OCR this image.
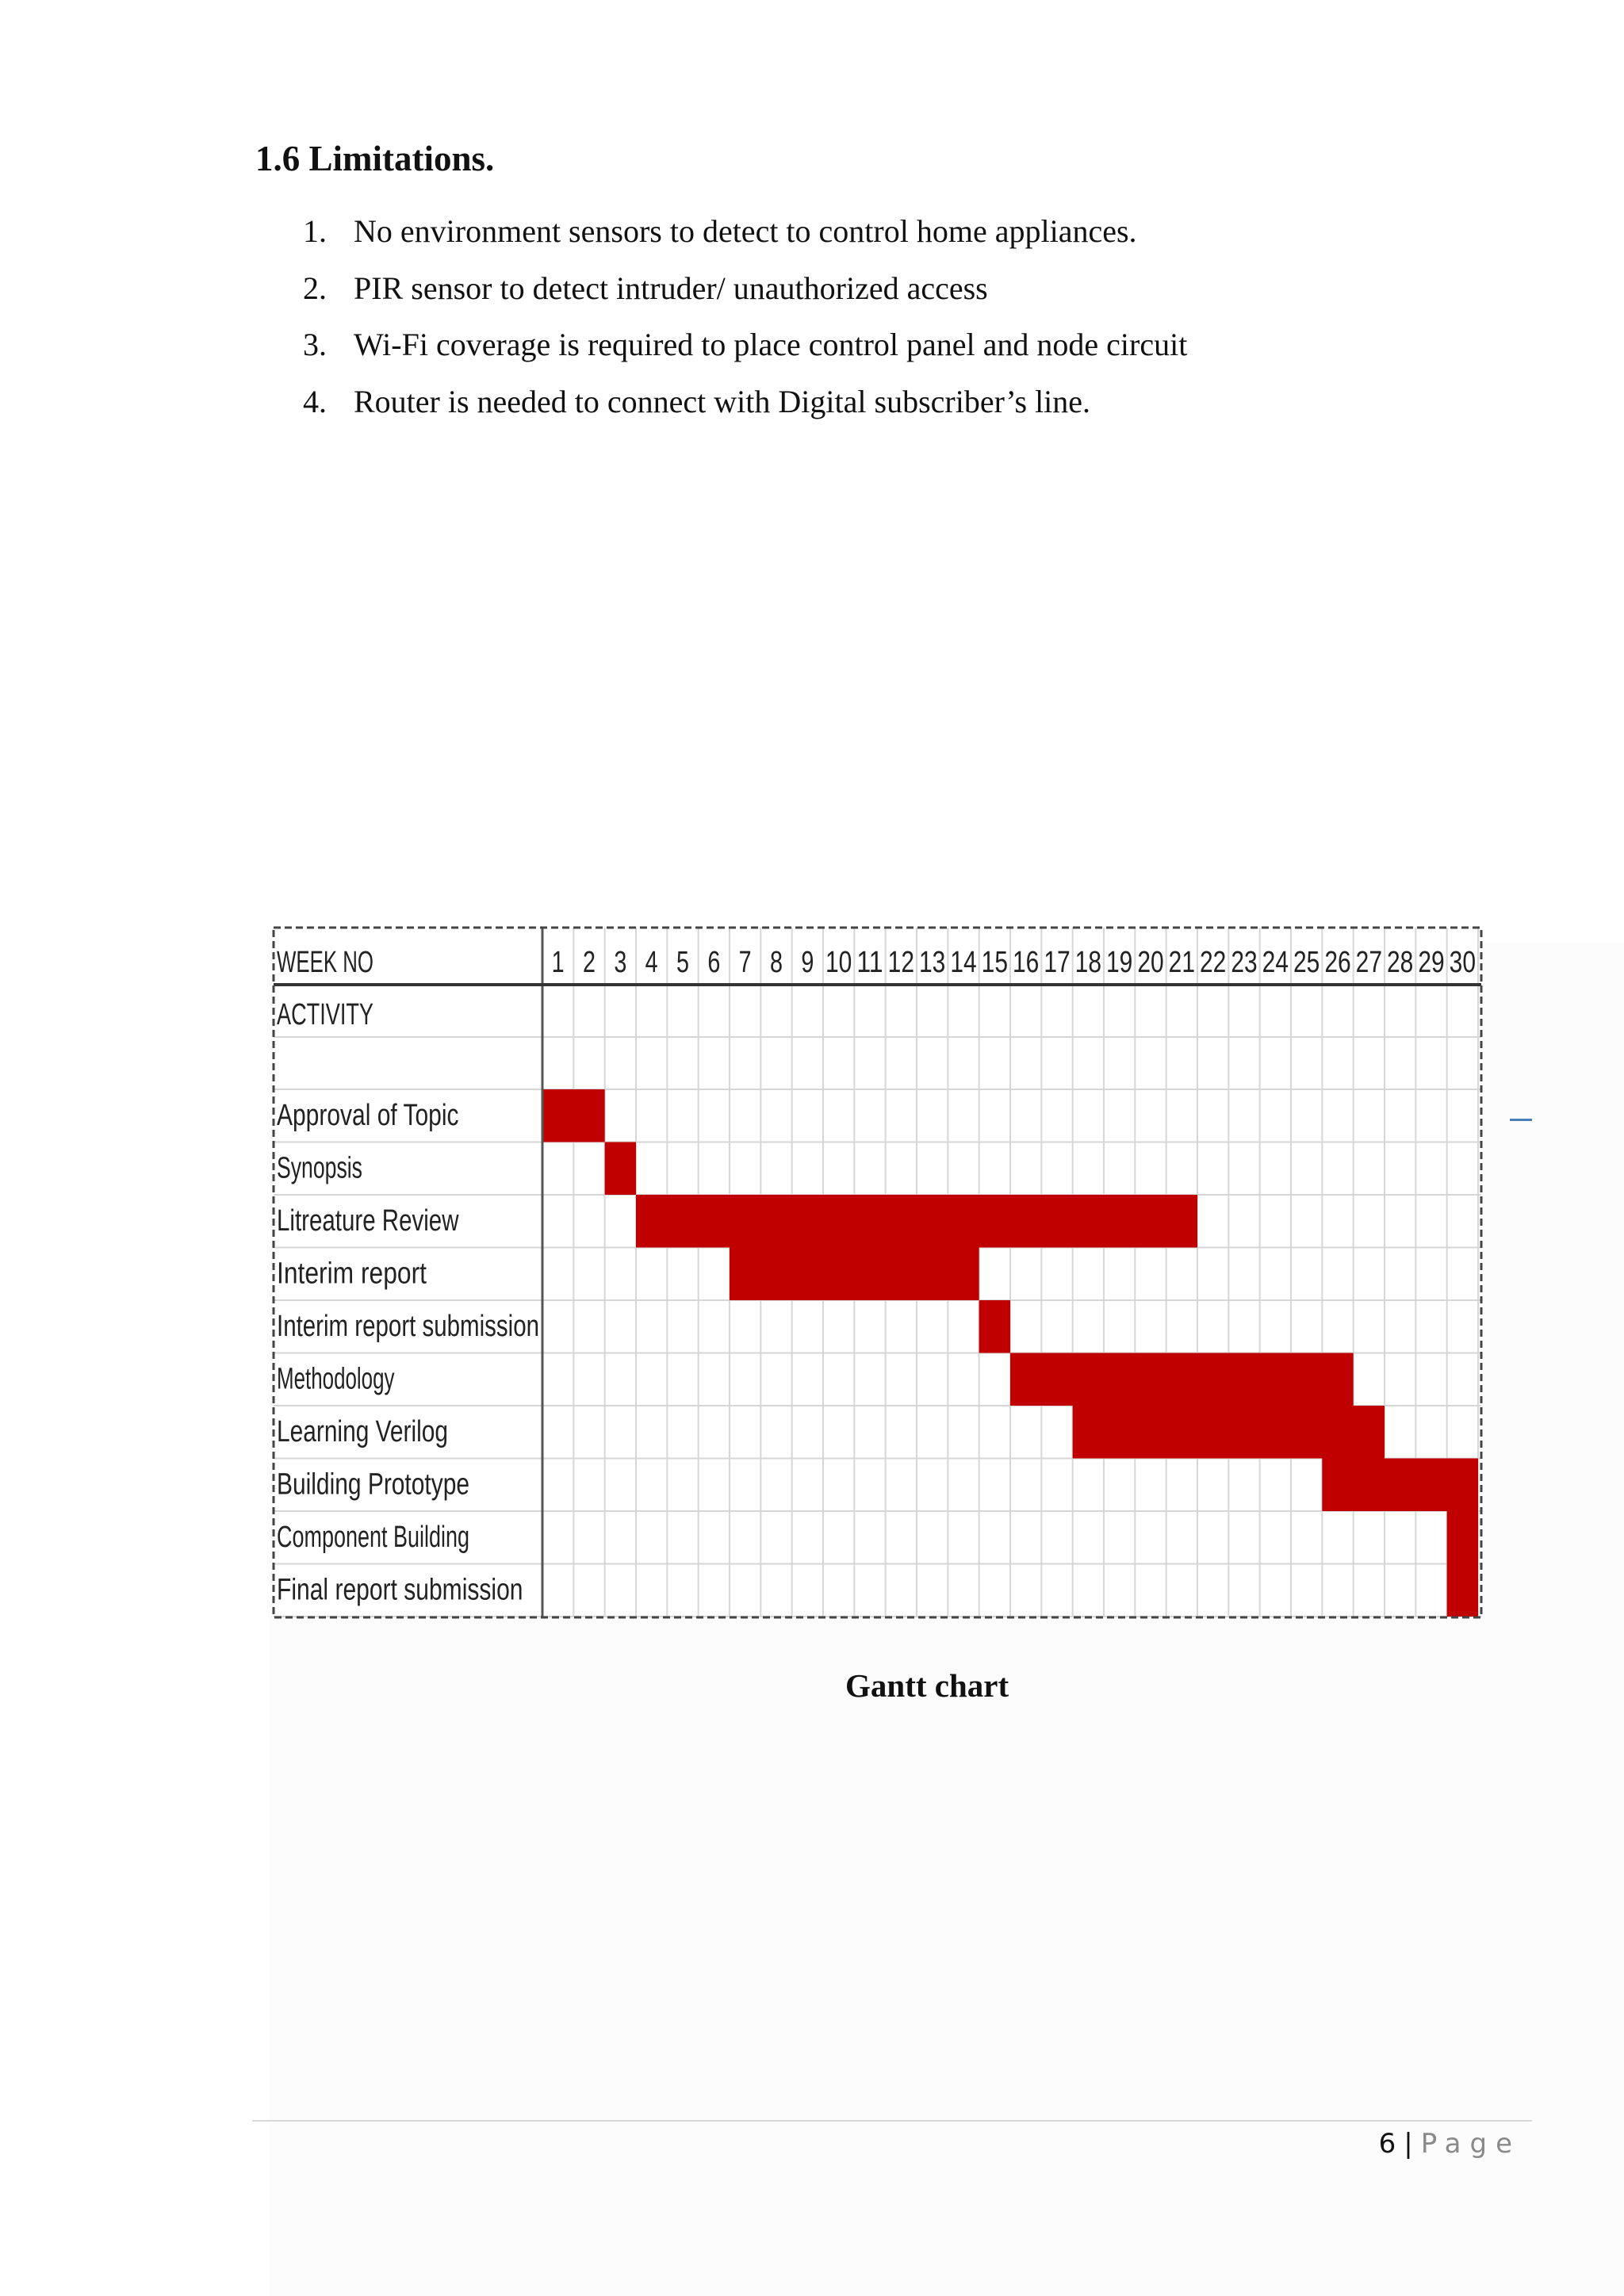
1.6 Limitations.
1. No environment sensors to detect to control home appliances.
2. PIR sensor to detect intruder/ unauthorized access
3. Wi-Fi coverage is required to place control panel and node circuit
4. Router is needed to connect with Digital subscriber’s line.
WEEK NO
ACTIVITY
1 2 3 4 5 6 7 8 9 10 11 12 13 14 15 16 17 18 19 20 21 22 23 24 25 26 27 28 29 30
Approval of Topic
Synopsis
Litreature Review
Interim report
Interim report submission
Methodology
Learning Verilog
Building Prototype
Component Building
Final report submission
Gantt chart
6 | Page
